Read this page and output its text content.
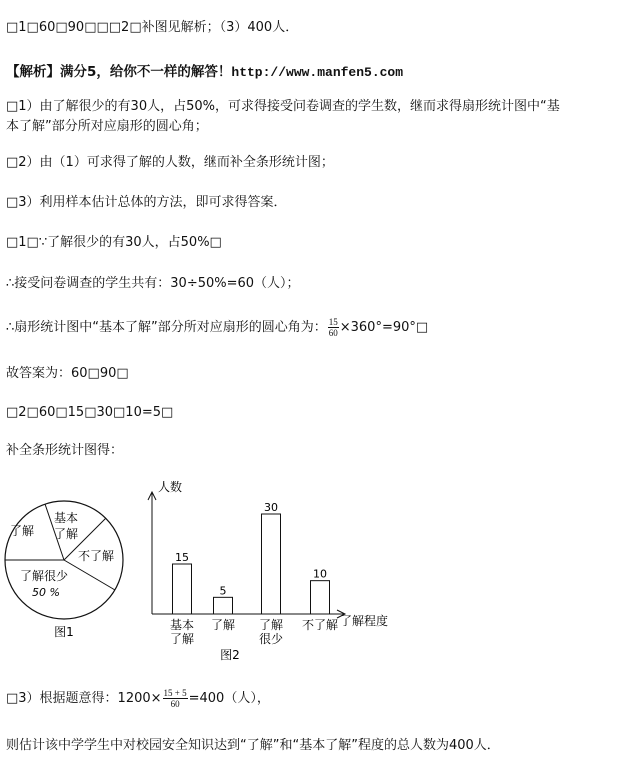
□1□60□90□□□2□补图见解析；（3）400人．
【解析】满分5，给你不一样的解答！http://www.manfen5.com
□1）由了解很少的有30人，占50%，可求得接受问卷调查的学生数，继而求得扇形统计图中“基
本了解”部分所对应扇形的圆心角；
□2）由（1）可求得了解的人数，继而补全条形统计图；
□3）利用样本估计总体的方法，即可求得答案．
□1□∵了解很少的有30人，占50%□
∴接受问卷调查的学生共有：30÷50%=60（人）；
∴扇形统计图中“基本了解”部分所对应扇形的圆心角为： $\frac{15}{60}$ ×360°=90°□
故答案为：60□90□
□2□60□15□30□10=5□
补全条形统计图得：
基本
了解
了解
不了解
了解很少
50 %
图1
人数
了解程度
15
基本
了解
5
了解
30
了解
很少
10
不了解
图2
□3）根据题意得：$1200\times \frac{15 + 5}{60} =400$（人），
则估计该中学学生中对校园安全知识达到“了解”和“基本了解”程度的总人数为400人．
